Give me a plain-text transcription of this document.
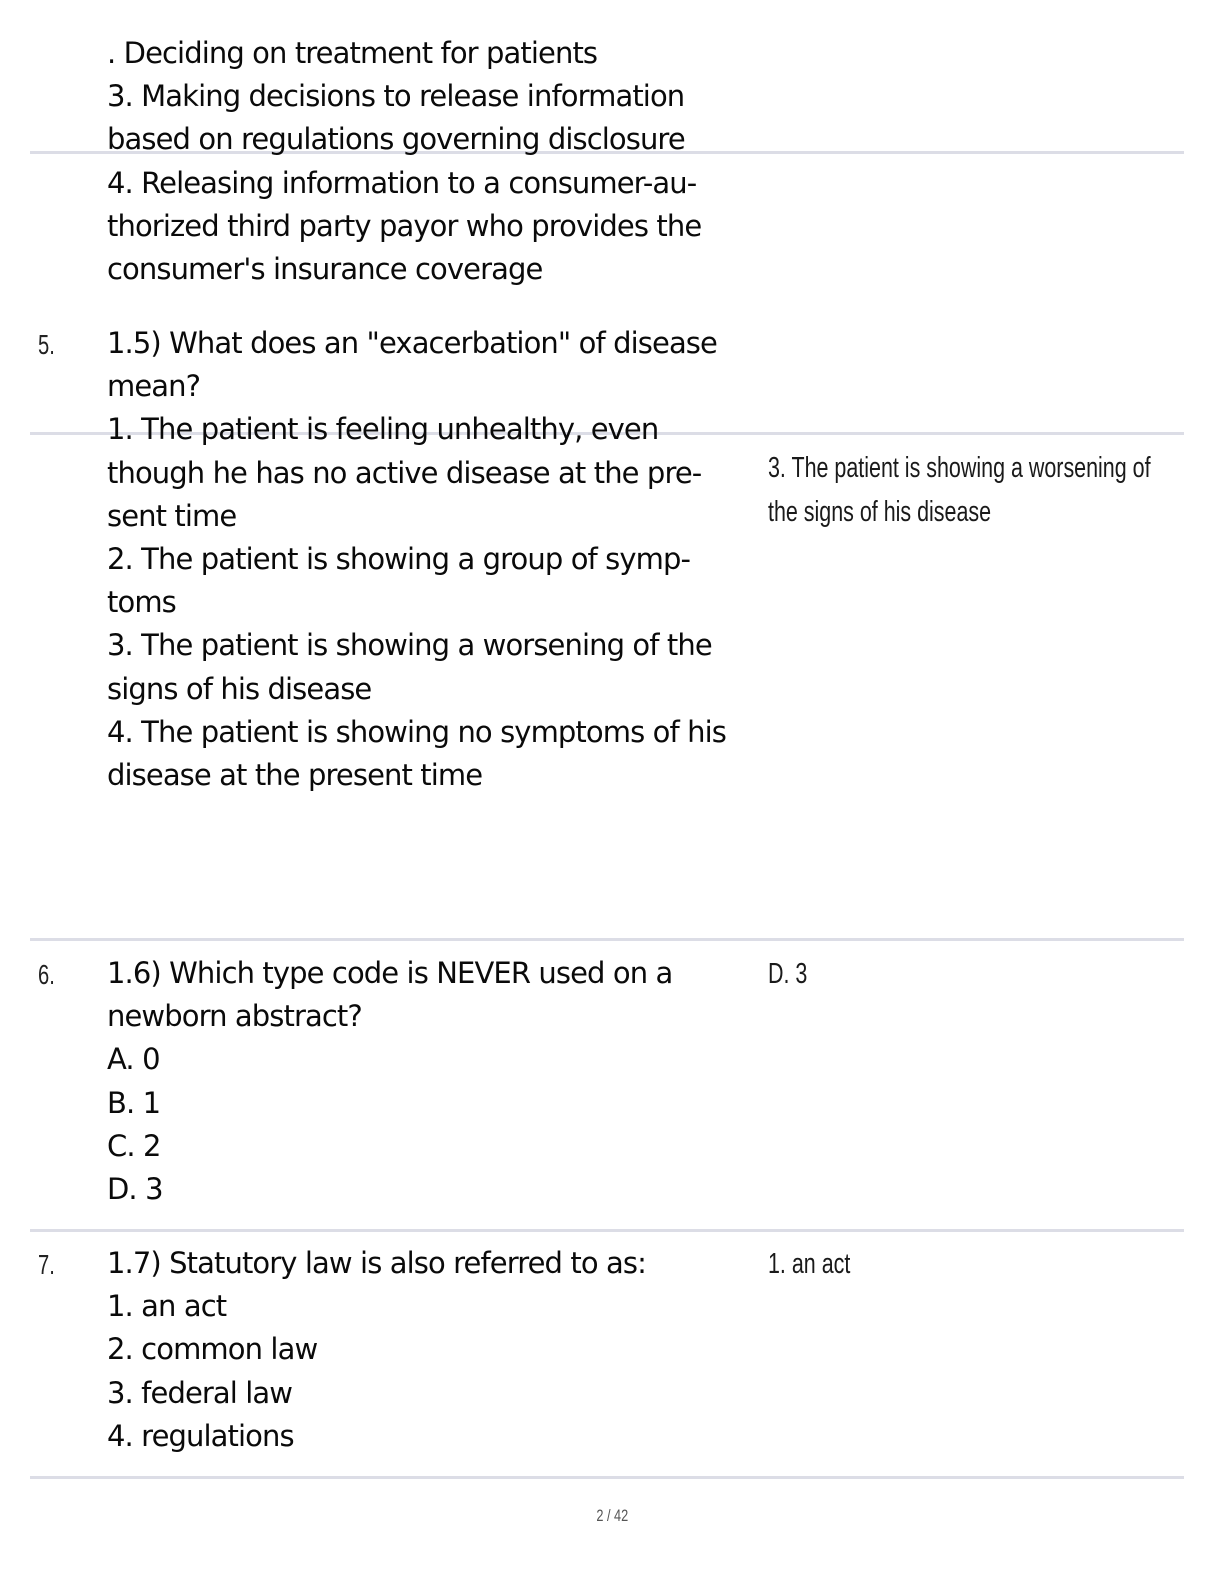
. Deciding on treatment for patients
3. Making decisions to release information
based on regulations governing disclosure
4. Releasing information to a consumer-au-
thorized third party payor who provides the
consumer's insurance coverage
5. 1.5) What does an "exacerbation" of disease
mean?
1. The patient is feeling unhealthy, even
though he has no active disease at the pre-
sent time
2. The patient is showing a group of symp-
toms
3. The patient is showing a worsening of the
signs of his disease
4. The patient is showing no symptoms of his
disease at the present time
3. The patient is showing a worsening of
the signs of his disease
6. 1.6) Which type code is NEVER used on a
newborn abstract?
A. 0
B. 1
C. 2
D. 3
D. 3
7. 1.7) Statutory law is also referred to as:
1. an act
2. common law
3. federal law
4. regulations
1. an act
2 / 42
